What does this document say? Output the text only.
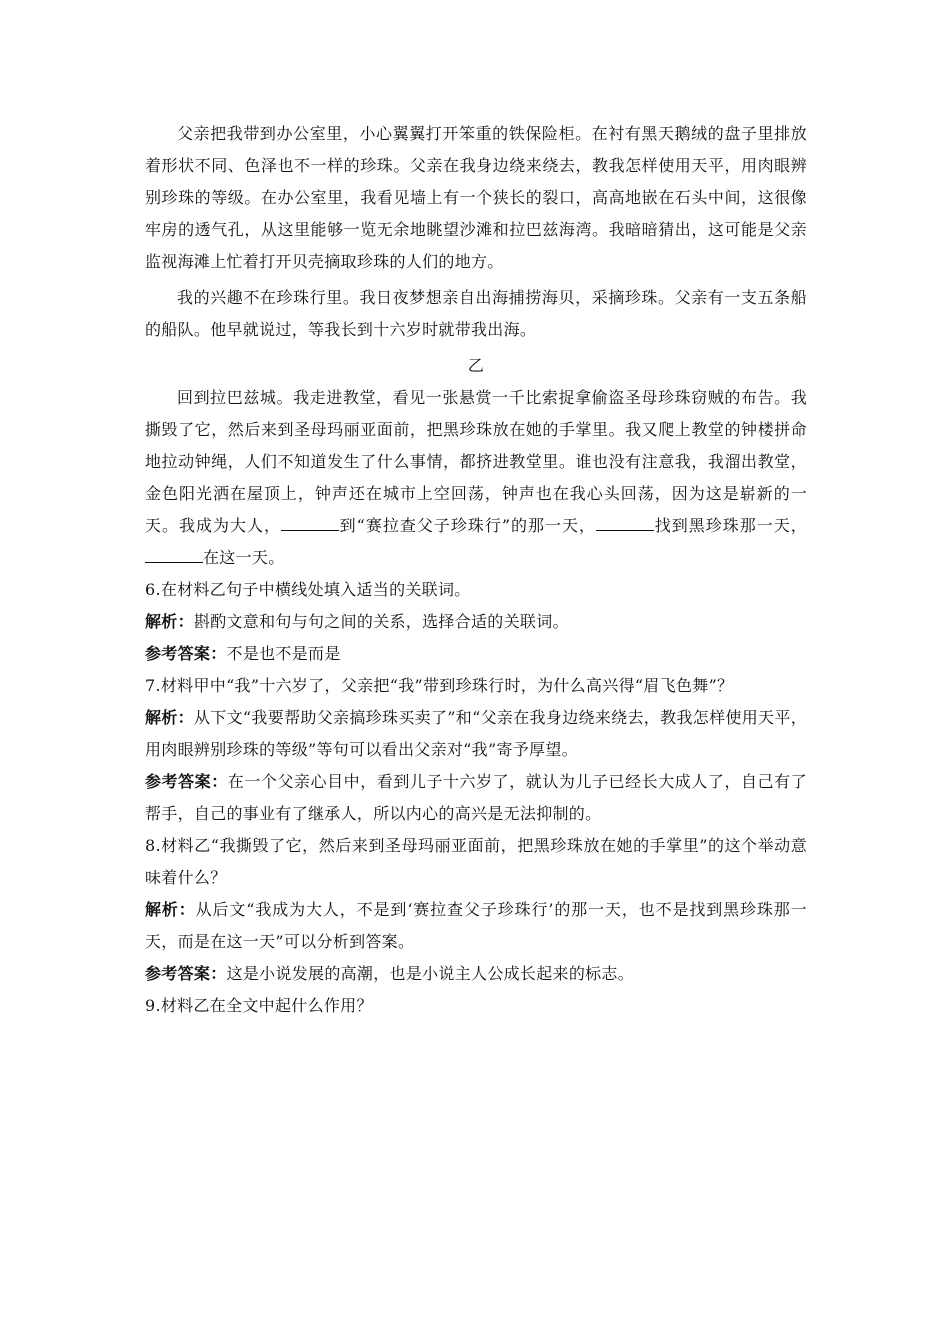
父亲把我带到办公室里，小心翼翼打开笨重的铁保险柜。在衬有黑天鹅绒的盘子里排放着形状不同、色泽也不一样的珍珠。父亲在我身边绕来绕去，教我怎样使用天平，用肉眼辨别珍珠的等级。在办公室里，我看见墙上有一个狭长的裂口，高高地嵌在石头中间，这很像牢房的透气孔，从这里能够一览无余地眺望沙滩和拉巴兹海湾。我暗暗猜出，这可能是父亲监视海滩上忙着打开贝壳摘取珍珠的人们的地方。

我的兴趣不在珍珠行里。我日夜梦想亲自出海捕捞海贝，采摘珍珠。父亲有一支五条船的船队。他早就说过，等我长到十六岁时就带我出海。

乙

回到拉巴兹城。我走进教堂，看见一张悬赏一千比索捉拿偷盗圣母珍珠窃贼的布告。我撕毁了它，然后来到圣母玛丽亚面前，把黑珍珠放在她的手掌里。我又爬上教堂的钟楼拼命地拉动钟绳，人们不知道发生了什么事情，都挤进教堂里。谁也没有注意我，我溜出教堂，金色阳光洒在屋顶上，钟声还在城市上空回荡，钟声也在我心头回荡，因为这是崭新的一天。我成为大人，	到“赛拉查父子珍珠行”的那一天，	找到黑珍珠那一天，在这一天。

6.在材料乙句子中横线处填入适当的关联词。

解析：斟酌文意和句与句之间的关系，选择合适的关联词。

参考答案：不是也不是而是

7.材料甲中“我”十六岁了，父亲把“我”带到珍珠行时，为什么高兴得“眉飞色舞”？

解析：从下文“我要帮助父亲搞珍珠买卖了”和“父亲在我身边绕来绕去，教我怎样使用天平，用肉眼辨别珍珠的等级”等句可以看出父亲对“我”寄予厚望。

参考答案：在一个父亲心目中，看到儿子十六岁了，就认为儿子已经长大成人了，自己有了帮手，自己的事业有了继承人，所以内心的高兴是无法抑制的。

8.材料乙“我撕毁了它，然后来到圣母玛丽亚面前，把黑珍珠放在她的手掌里”的这个举动意味着什么？

解析：从后文“我成为大人，不是到‘赛拉查父子珍珠行’的那一天，也不是找到黑珍珠那一天，而是在这一天”可以分析到答案。

参考答案：这是小说发展的高潮，也是小说主人公成长起来的标志。

9.材料乙在全文中起什么作用？
